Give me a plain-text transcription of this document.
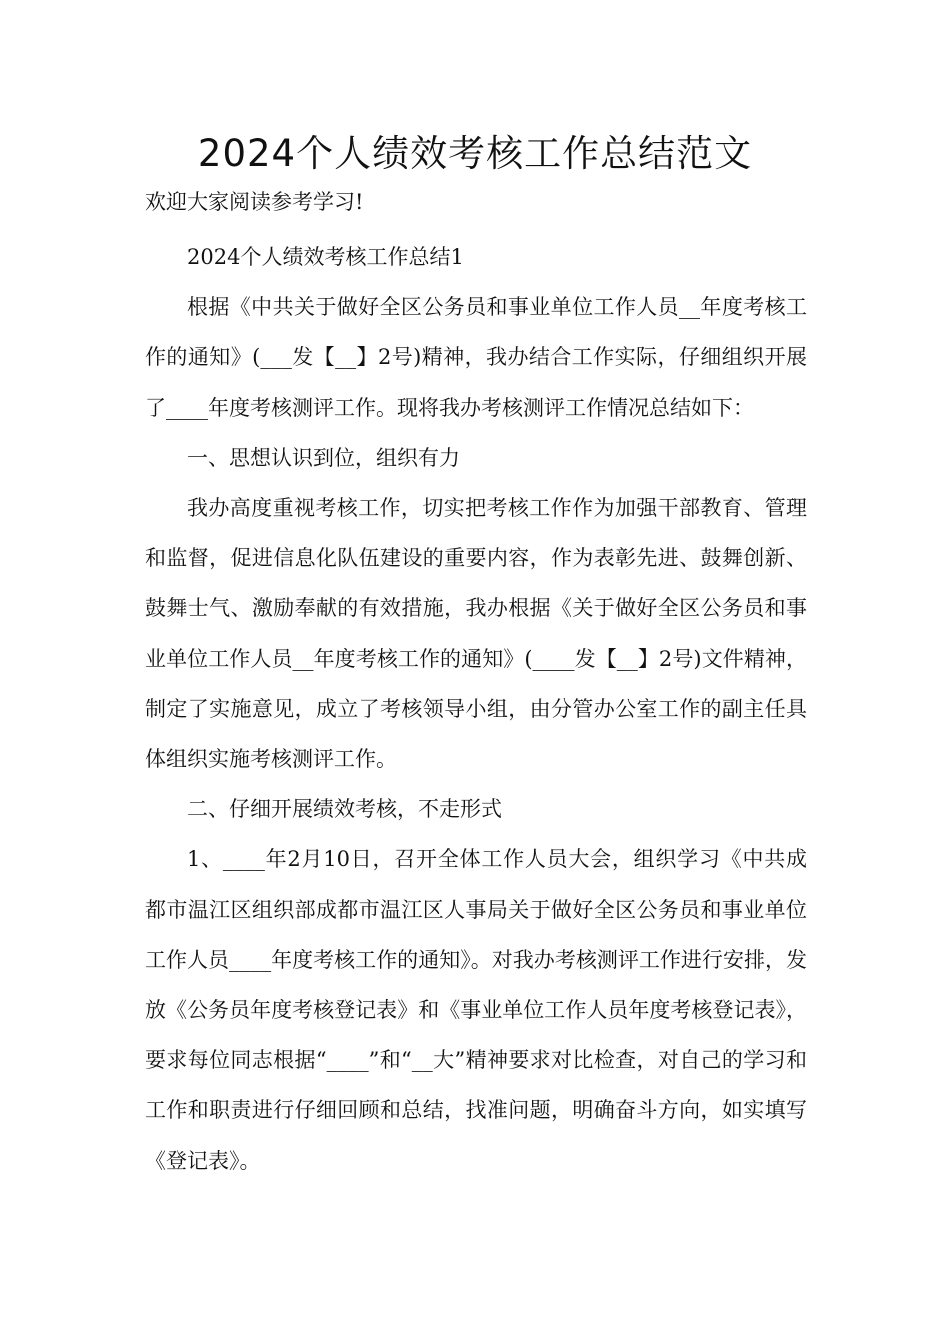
2024个人绩效考核工作总结范文
欢迎大家阅读参考学习!

2024个人绩效考核工作总结1

根据《中共关于做好全区公务员和事业单位工作人员__年度考核工作的通知》(___发【__】2号)精神，我办结合工作实际，仔细组织开展了____年度考核测评工作。现将我办考核测评工作情况总结如下：

一、思想认识到位，组织有力

我办高度重视考核工作，切实把考核工作作为加强干部教育、管理和监督，促进信息化队伍建设的重要内容，作为表彰先进、鼓舞创新、鼓舞士气、激励奉献的有效措施，我办根据《关于做好全区公务员和事业单位工作人员__年度考核工作的通知》(____发【__】2号)文件精神，制定了实施意见，成立了考核领导小组，由分管办公室工作的副主任具体组织实施考核测评工作。

二、仔细开展绩效考核，不走形式

1、____年2月10日，召开全体工作人员大会，组织学习《中共成都市温江区组织部成都市温江区人事局关于做好全区公务员和事业单位工作人员____年度考核工作的通知》。对我办考核测评工作进行安排，发放《公务员年度考核登记表》和《事业单位工作人员年度考核登记表》，要求每位同志根据“____”和“__大”精神要求对比检查，对自己的学习和工作和职责进行仔细回顾和总结，找准问题，明确奋斗方向，如实填写《登记表》。
